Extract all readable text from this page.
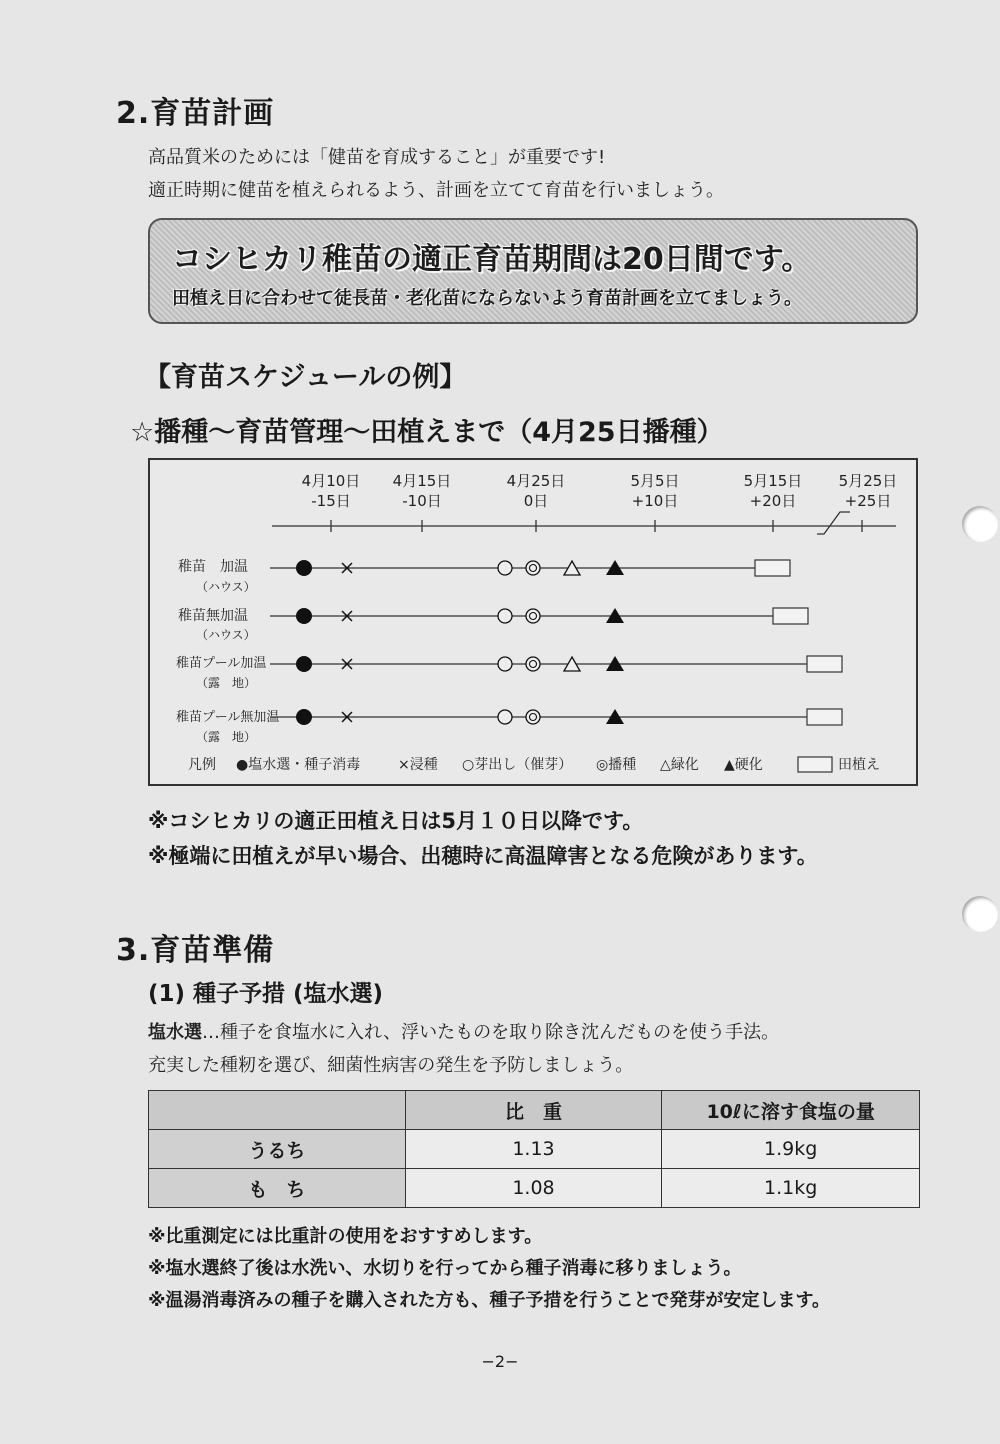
2.育苗計画
高品質米のためには「健苗を育成すること」が重要です!
適正時期に健苗を植えられるよう、計画を立てて育苗を行いましょう。
コシヒカリ稚苗の適正育苗期間は20日間です。
田植え日に合わせて徒長苗・老化苗にならないよう育苗計画を立てましょう。
【育苗スケジュールの例】
☆播種～育苗管理～田植えまで（4月25日播種）
4月10日
-15日
4月15日
-10日
4月25日
0日
5月5日
+10日
5月15日
+20日
5月25日
+25日
稚苗　加温
（ハウス）
稚苗無加温
（ハウス）
稚苗プール加温
（露　地）
稚苗プール無加温
（露　地）
凡例 ●塩水選・種子消毒	×浸種 ○芽出し（催芽） ◎播種 △緑化 ▲硬化	田植え
※コシヒカリの適正田植え日は5月１０日以降です。
※極端に田植えが早い場合、出穂時に高温障害となる危険があります。
3.育苗準備
(1) 種子予措 (塩水選)
塩水選…種子を食塩水に入れ、浮いたものを取り除き沈んだものを使う手法。
充実した種籾を選び、細菌性病害の発生を予防しましょう。
	比　重	10ℓに溶す食塩の量
うるち	1.13	1.9kg
も　ち	1.08	1.1kg
※比重測定には比重計の使用をおすすめします。
※塩水選終了後は水洗い、水切りを行ってから種子消毒に移りましょう。
※温湯消毒済みの種子を購入された方も、種子予措を行うことで発芽が安定します。
−2−
